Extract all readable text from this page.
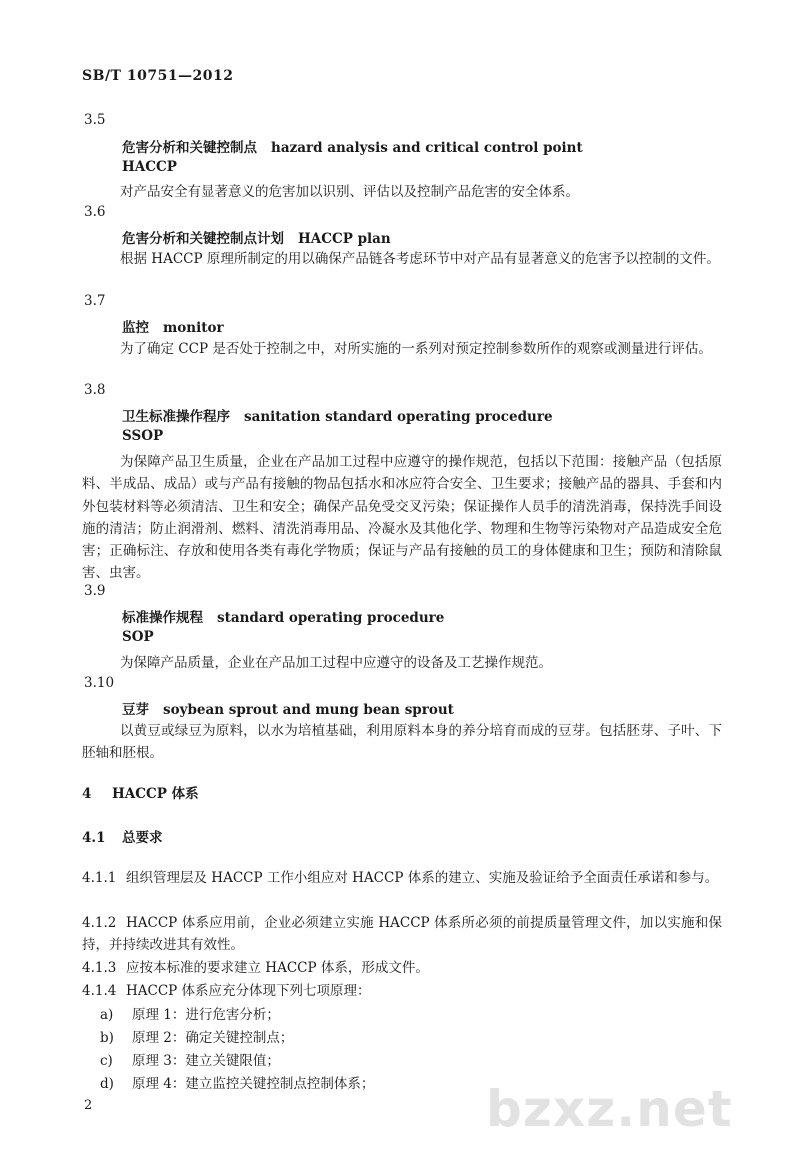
SB/T 10751—2012
3.5
危害分析和关键控制点 hazard analysis and critical control point
HACCP
对产品安全有显著意义的危害加以识别、评估以及控制产品危害的安全体系。
3.6
危害分析和关键控制点计划 HACCP plan
根据 HACCP 原理所制定的用以确保产品链各考虑环节中对产品有显著意义的危害予以控制的文件。
3.7
监控 monitor
为了确定 CCP 是否处于控制之中，对所实施的一系列对预定控制参数所作的观察或测量进行评估。
3.8
卫生标准操作程序 sanitation standard operating procedure
SSOP
为保障产品卫生质量，企业在产品加工过程中应遵守的操作规范，包括以下范围：接触产品（包括原料、半成品、成品）或与产品有接触的物品包括水和冰应符合安全、卫生要求；接触产品的器具、手套和内外包装材料等必须清洁、卫生和安全；确保产品免受交叉污染；保证操作人员手的清洗消毒，保持洗手间设施的清洁；防止润滑剂、燃料、清洗消毒用品、冷凝水及其他化学、物理和生物等污染物对产品造成安全危害；正确标注、存放和使用各类有毒化学物质；保证与产品有接触的员工的身体健康和卫生；预防和清除鼠害、虫害。
3.9
标准操作规程 standard operating procedure
SOP
为保障产品质量，企业在产品加工过程中应遵守的设备及工艺操作规范。
3.10
豆芽 soybean sprout and mung bean sprout
以黄豆或绿豆为原料，以水为培植基础，利用原料本身的养分培育而成的豆芽。包括胚芽、子叶、下胚轴和胚根。
4 HACCP 体系
4.1 总要求
4.1.1 组织管理层及 HACCP 工作小组应对 HACCP 体系的建立、实施及验证给予全面责任承诺和参与。
4.1.2 HACCP 体系应用前，企业必须建立实施 HACCP 体系所必须的前提质量管理文件，加以实施和保持，并持续改进其有效性。
4.1.3 应按本标准的要求建立 HACCP 体系，形成文件。
4.1.4 HACCP 体系应充分体现下列七项原理：
a) 原理 1：进行危害分析；
b) 原理 2：确定关键控制点；
c) 原理 3：建立关键限值；
d) 原理 4：建立监控关键控制点控制体系；
2	bzxz.net
